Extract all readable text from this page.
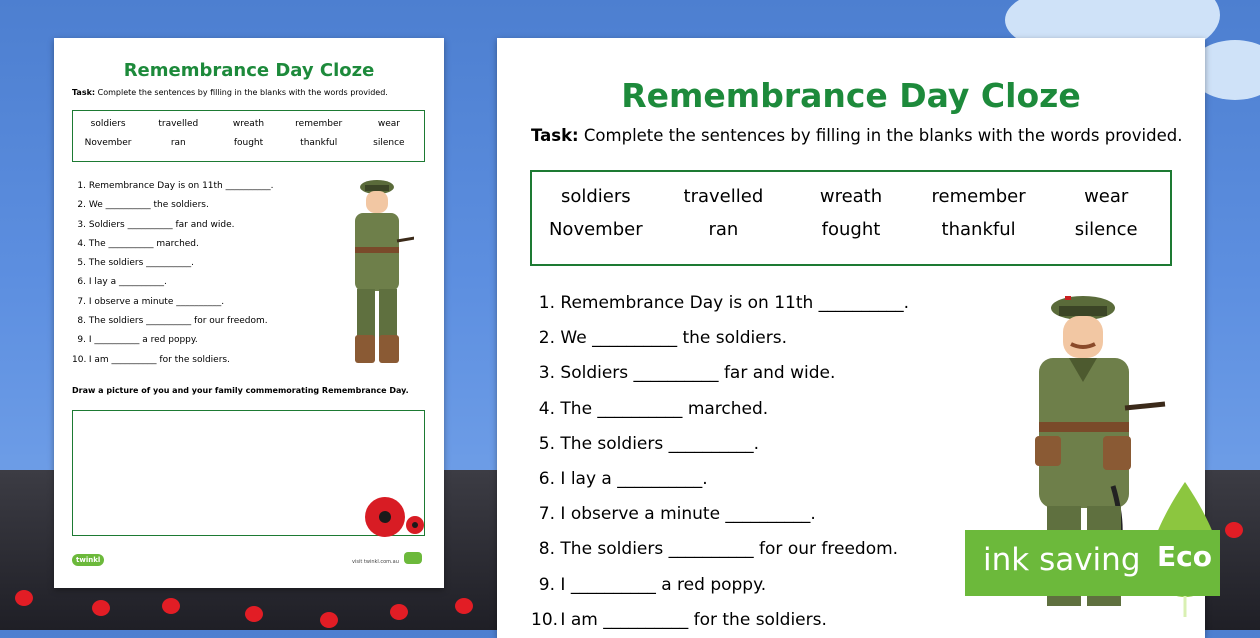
Remembrance Day Cloze
Task: Complete the sentences by filling in the blanks with the words provided.
soldiers	travelled	wreath	remember	wear
November	ran	fought	thankful	silence
1. Remembrance Day is on 11th __________.
2. We __________ the soldiers.
3. Soldiers __________ far and wide.
4. The __________ marched.
5. The soldiers __________.
6. I lay a __________.
7. I observe a minute __________.
8. The soldiers __________ for our freedom.
9. I __________ a red poppy.
10. I am __________ for the soldiers.
Draw a picture of you and your family commemorating Remembrance Day.
twinkl	visit twinkl.com.au
Remembrance Day Cloze
Task: Complete the sentences by filling in the blanks with the words provided.
soldiers	travelled	wreath	remember	wear
November	ran	fought	thankful	silence
1. Remembrance Day is on 11th __________.
2. We __________ the soldiers.
3. Soldiers __________ far and wide.
4. The __________ marched.
5. The soldiers __________.
6. I lay a __________.
7. I observe a minute __________.
8. The soldiers __________ for our freedom.
9. I __________ a red poppy.
10. I am __________ for the soldiers.
ink saving Eco
